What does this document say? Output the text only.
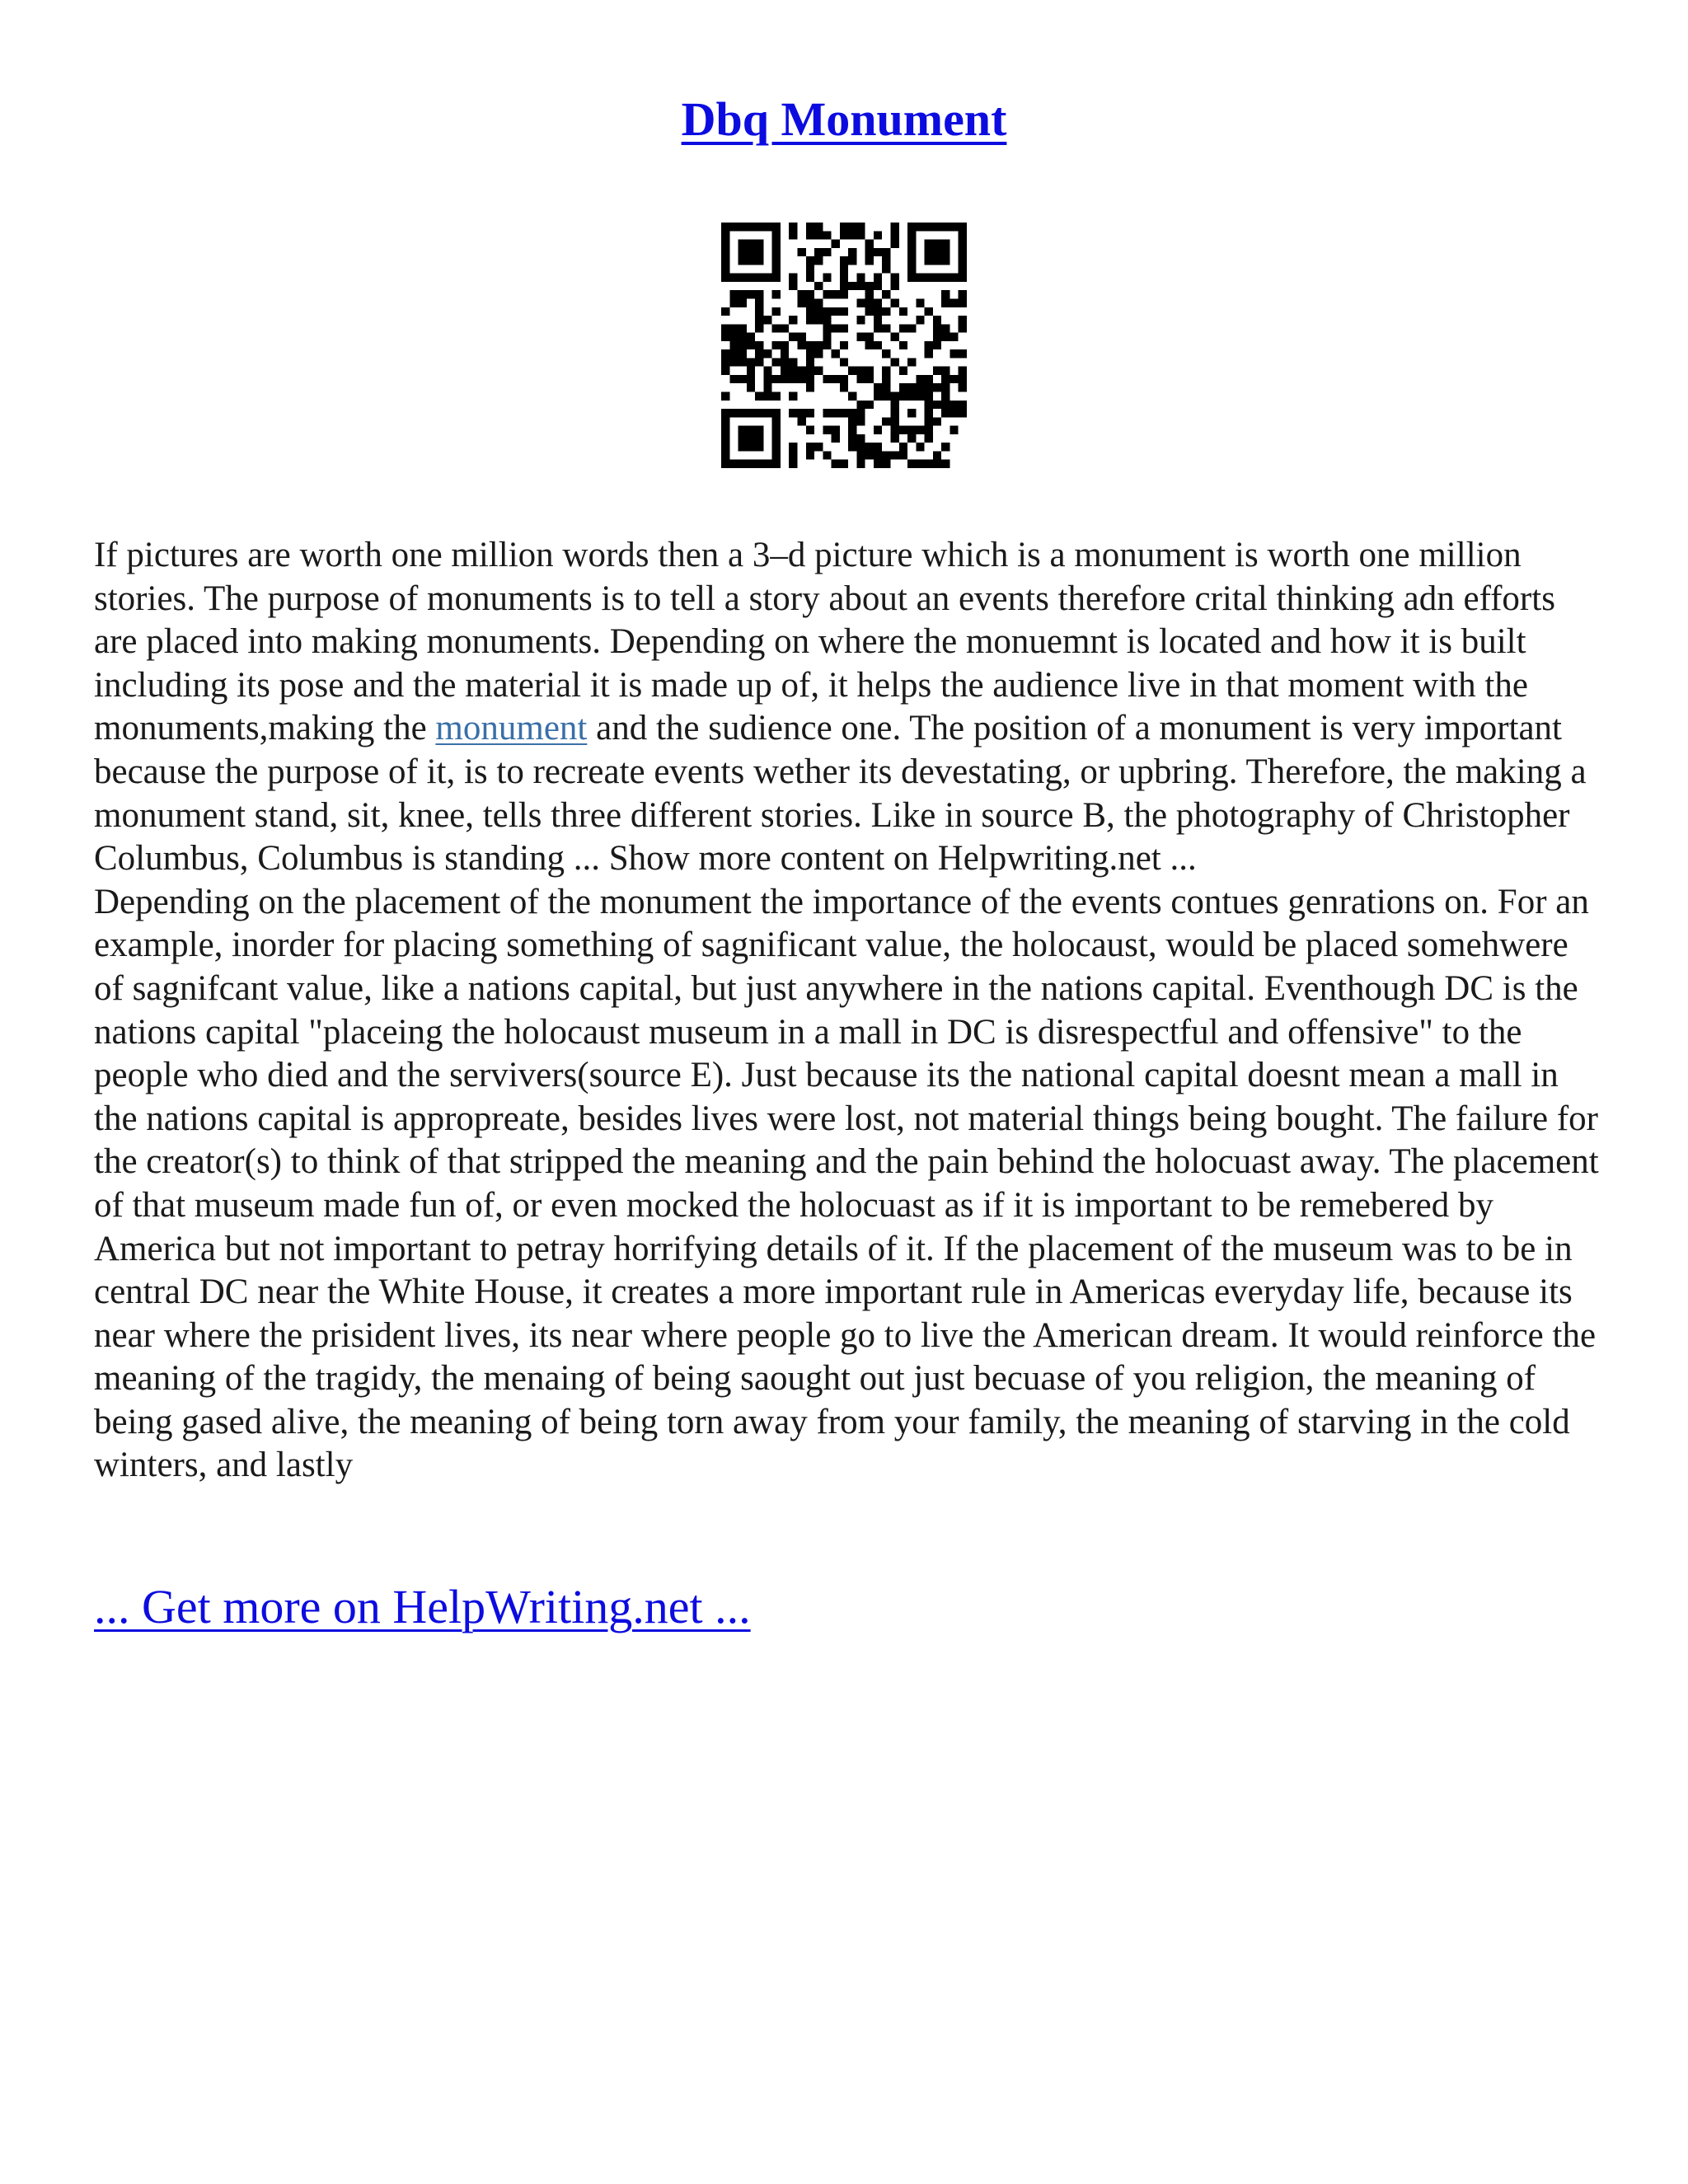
Dbq Monument

If pictures are worth one million words then a 3–d picture which is a monument is worth one million stories. The purpose of monuments is to tell a story about an events therefore crital thinking adn efforts are placed into making monuments. Depending on where the monuemnt is located and how it is built including its pose and the material it is made up of, it helps the audience live in that moment with the monuments,making the monument and the sudience one. The position of a monument is very important because the purpose of it, is to recreate events wether its devestating, or upbring. Therefore, the making a monument stand, sit, knee, tells three different stories. Like in source B, the photography of Christopher Columbus, Columbus is standing ... Show more content on Helpwriting.net ...

Depending on the placement of the monument the importance of the events contues genrations on. For an example, inorder for placing something of sagnificant value, the holocaust, would be placed somehwere of sagnifcant value, like a nations capital, but just anywhere in the nations capital. Eventhough DC is the nations capital "placeing the holocaust museum in a mall in DC is disrespectful and offensive" to the people who died and the servivers(source E). Just because its the national capital doesnt mean a mall in the nations capital is appropreate, besides lives were lost, not material things being bought. The failure for the creator(s) to think of that stripped the meaning and the pain behind the holocuast away. The placement of that museum made fun of, or even mocked the holocuast as if it is important to be remebered by America but not important to petray horrifying details of it. If the placement of the museum was to be in central DC near the White House, it creates a more important rule in Americas everyday life, because its near where the prisident lives, its near where people go to live the American dream. It would reinforce the meaning of the tragidy, the menaing of being saought out just becuase of you religion, the meaning of being gased alive, the meaning of being torn away from your family, the meaning of starving in the cold winters, and lastly

... Get more on HelpWriting.net ...
